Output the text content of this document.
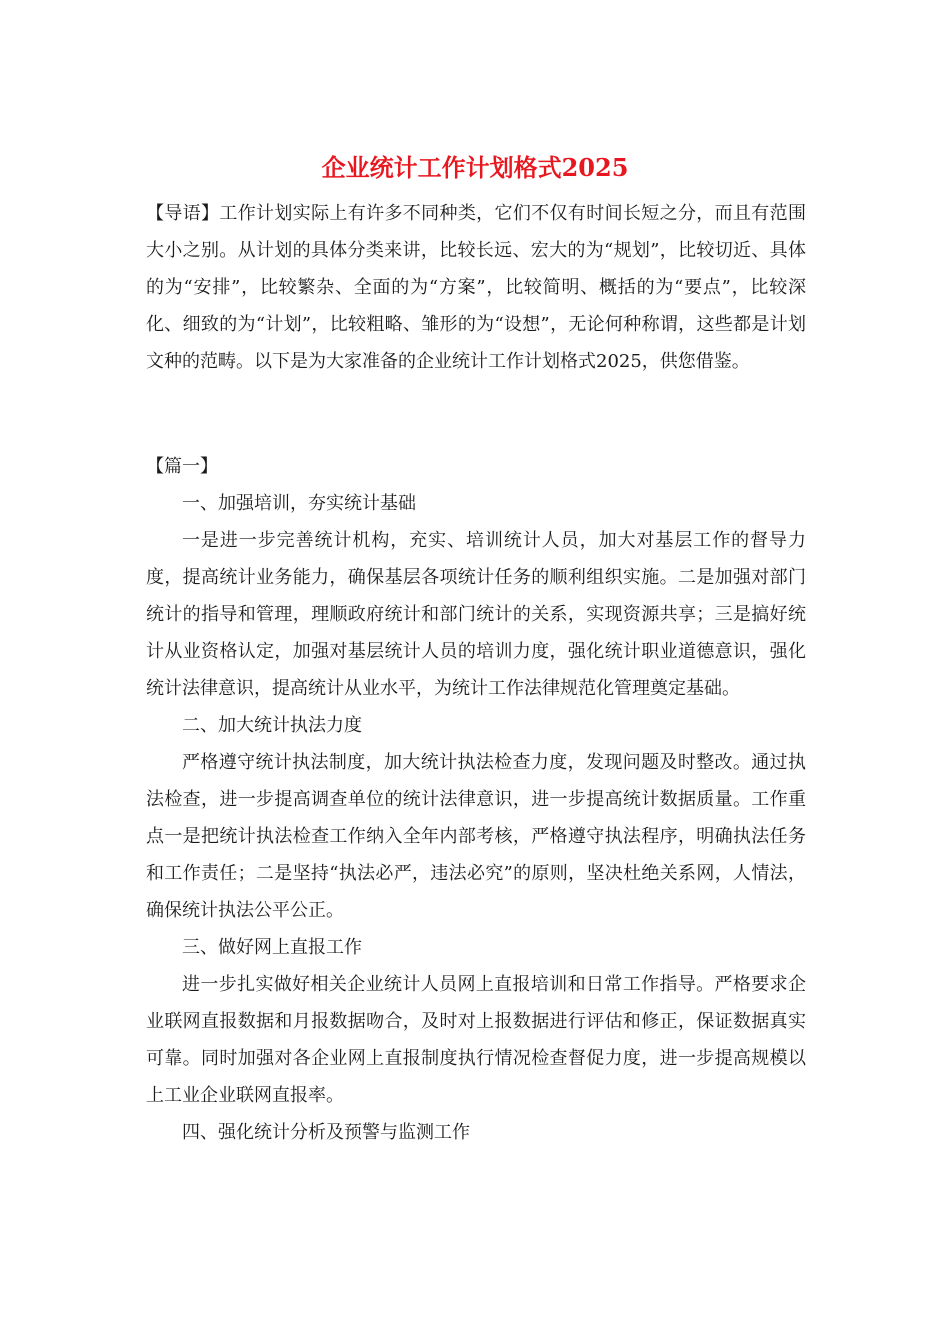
企业统计工作计划格式2025

【导语】工作计划实际上有许多不同种类，它们不仅有时间长短之分，而且有范围大小之别。从计划的具体分类来讲，比较长远、宏大的为“规划”，比较切近、具体的为“安排”，比较繁杂、全面的为“方案”，比较简明、概括的为“要点”，比较深化、细致的为“计划”，比较粗略、雏形的为“设想”，无论何种称谓，这些都是计划文种的范畴。以下是为大家准备的企业统计工作计划格式2025，供您借鉴。

【篇一】

一、加强培训，夯实统计基础

一是进一步完善统计机构，充实、培训统计人员，加大对基层工作的督导力度，提高统计业务能力，确保基层各项统计任务的顺利组织实施。二是加强对部门统计的指导和管理，理顺政府统计和部门统计的关系，实现资源共享；三是搞好统计从业资格认定，加强对基层统计人员的培训力度，强化统计职业道德意识，强化统计法律意识，提高统计从业水平，为统计工作法律规范化管理奠定基础。

二、加大统计执法力度

严格遵守统计执法制度，加大统计执法检查力度，发现问题及时整改。通过执法检查，进一步提高调查单位的统计法律意识，进一步提高统计数据质量。工作重点一是把统计执法检查工作纳入全年内部考核，严格遵守执法程序，明确执法任务和工作责任；二是坚持“执法必严，违法必究”的原则，坚决杜绝关系网，人情法，确保统计执法公平公正。

三、做好网上直报工作

进一步扎实做好相关企业统计人员网上直报培训和日常工作指导。严格要求企业联网直报数据和月报数据吻合，及时对上报数据进行评估和修正，保证数据真实可靠。同时加强对各企业网上直报制度执行情况检查督促力度，进一步提高规模以上工业企业联网直报率。

四、强化统计分析及预警与监测工作
